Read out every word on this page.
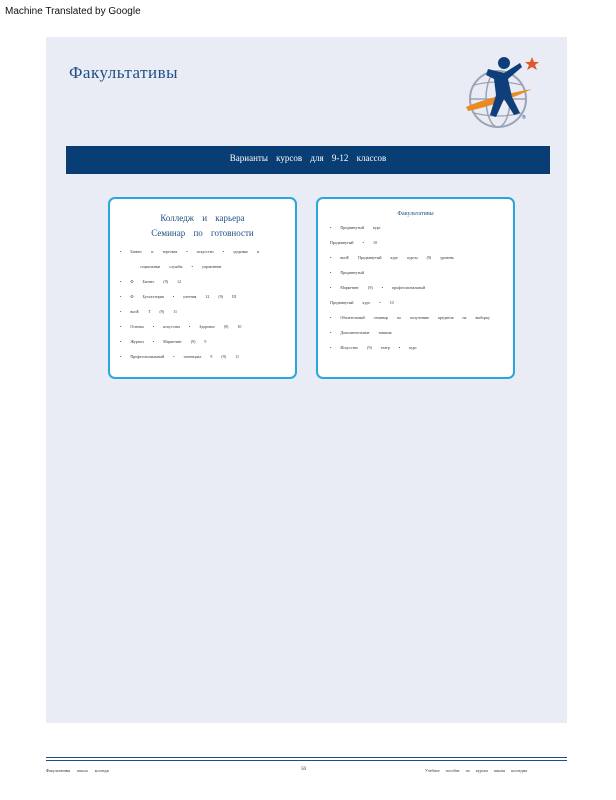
Machine Translated by Google
Факультативы
®
Варианты курсов для 9-12 классов
Колледж и карьера
Семинар по готовности
• Бизнес и торговля • искусство • здоровье и
социальные службы • управление
• Ф Бизнес (9) 12
• Ф Бухгалтерия • учетная 12 (9) III
• вызЕ Т (9) 11
• Основы • искусства • Здоровье (9) 10
• Журнал • Маркетинг (9) 9
• Профессиональный • потенциал 9 (9) 11
Факультативы
• Продвинутый курс
Продвинутый • 10
• вызЕ Продвинутый курс курсы (9) уровень
• Продвинутый
• Маркетинг (9) • профессиональный
Продвинутый курс • 10
• Обязательный семинар по получению кредитов на выборку
• Дополнительные занятия
• Искусство (9) театр • курс
Факультативы школа колледж	50	Учебное пособие по курсам школы колледжа
